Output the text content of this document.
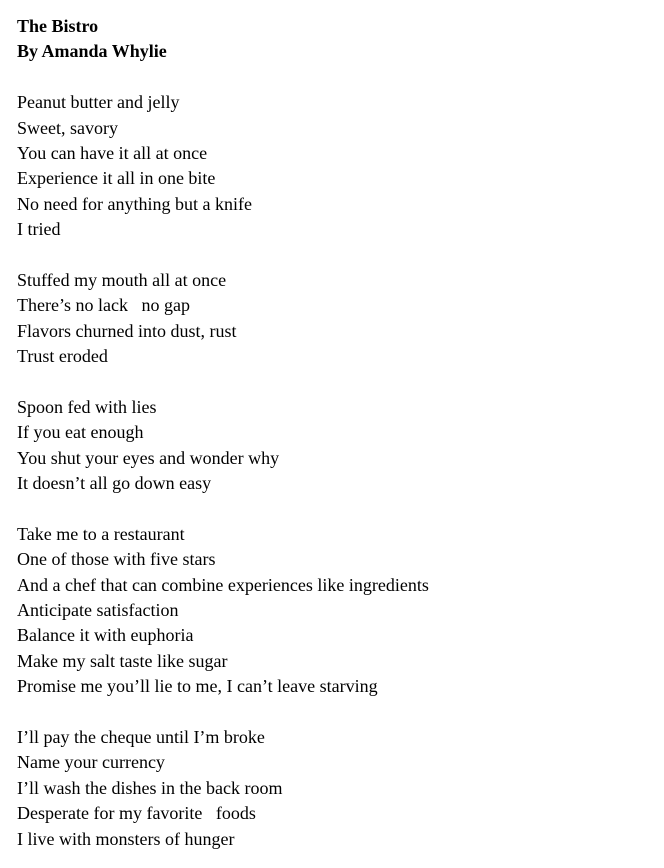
The Bistro
By Amanda Whylie
Peanut butter and jelly
Sweet, savory
You can have it all at once
Experience it all in one bite
No need for anything but a knife
I tried
Stuffed my mouth all at once
There’s no lack   no gap
Flavors churned into dust, rust
Trust eroded
Spoon fed with lies
If you eat enough
You shut your eyes and wonder why
It doesn’t all go down easy
Take me to a restaurant
One of those with five stars
And a chef that can combine experiences like ingredients
Anticipate satisfaction
Balance it with euphoria
Make my salt taste like sugar
Promise me you’ll lie to me, I can’t leave starving
I’ll pay the cheque until I’m broke
Name your currency
I’ll wash the dishes in the back room
Desperate for my favorite   foods
I live with monsters of hunger
